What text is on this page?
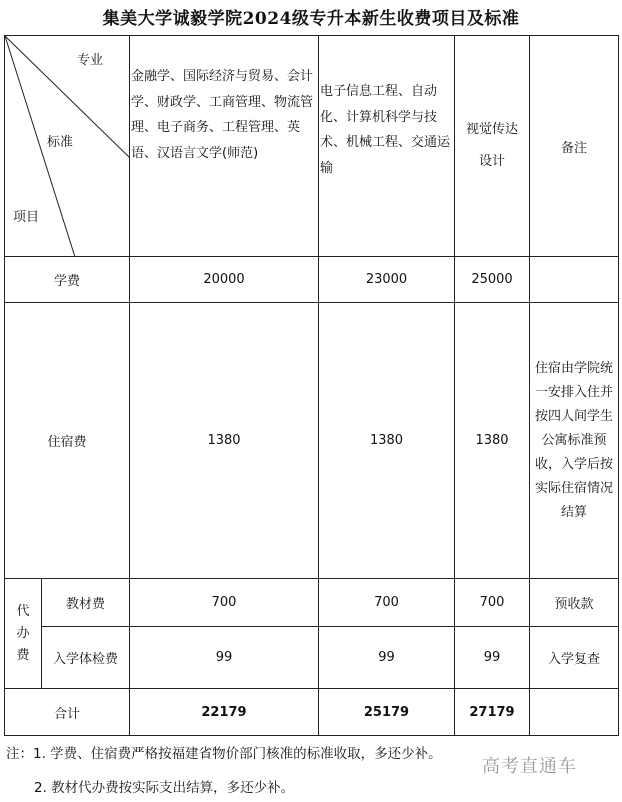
集美大学诚毅学院2024级专升本新生收费项目及标准
专业
标准
项目		金融学、国际经济与贸易、会计学、财政学、工商管理、物流管理、电子商务、工程管理、英语、汉语言文学(师范)	电子信息工程、自动化、计算机科学与技术、机械工程、交通运输	视觉传达设计	备注
学费		20000	23000	25000	
住宿费		1380	1380	1380	住宿由学院统一安排入住并按四人间学生公寓标准预收，入学后按实际住宿情况结算

代办费	教材费	700	700	700	预收款
	入学体检费	99	99	99	入学复查
合计		22179	25179	27179	
注：1. 学费、住宿费严格按福建省物价部门核准的标准收取，多还少补。
2. 教材代办费按实际支出结算，多还少补。
高考直通车
